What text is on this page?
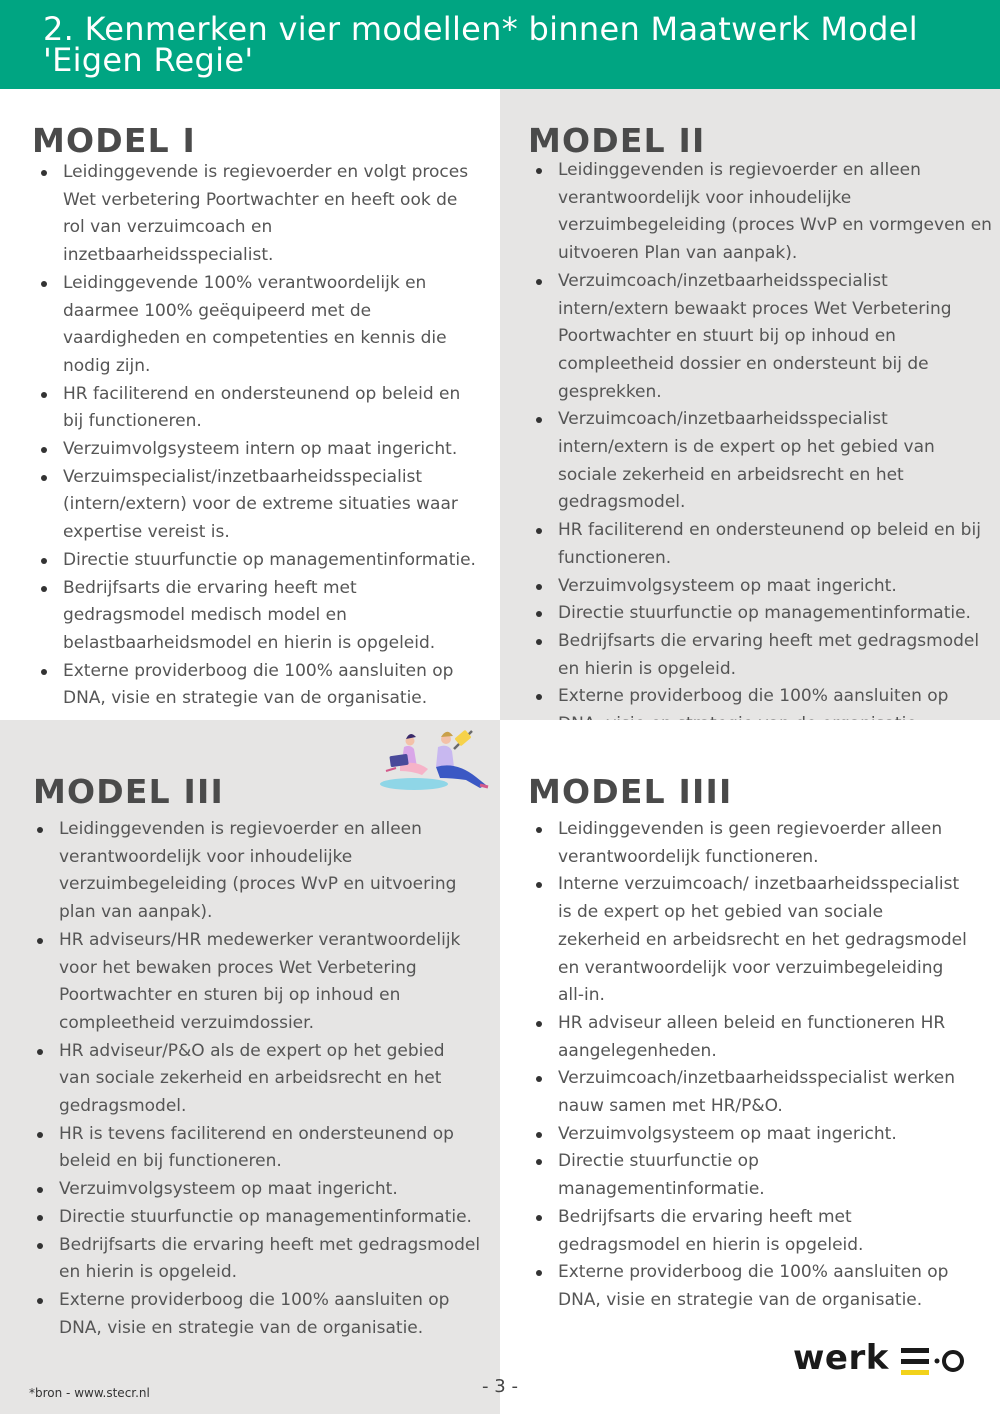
2. Kenmerken vier modellen* binnen Maatwerk Model 'Eigen Regie'
MODEL I
Leidinggevende is regievoerder en volgt proces Wet verbetering Poortwachter en heeft ook de rol van verzuimcoach en inzetbaarheidsspecialist.
Leidinggevende 100% verantwoordelijk en daarmee 100% geëquipeerd met de vaardigheden en competenties en kennis die nodig zijn.
HR faciliterend en ondersteunend op beleid en bij functioneren.
Verzuimvolgsysteem intern op maat ingericht.
Verzuimspecialist/inzetbaarheidsspecialist (intern/extern) voor de extreme situaties waar expertise vereist is.
Directie stuurfunctie op managementinformatie.
Bedrijfsarts die ervaring heeft met gedragsmodel medisch model en belastbaarheidsmodel en hierin is opgeleid.
Externe providerboog die 100% aansluiten op DNA, visie en strategie van de organisatie.
MODEL II
Leidinggevenden is regievoerder en alleen verantwoordelijk voor inhoudelijke verzuimbegeleiding (proces WvP en vormgeven en uitvoeren Plan van aanpak).
Verzuimcoach/inzetbaarheidsspecialist intern/extern bewaakt proces Wet Verbetering Poortwachter en stuurt bij op inhoud en compleetheid dossier en ondersteunt bij de gesprekken.
Verzuimcoach/inzetbaarheidsspecialist intern/extern is de expert op het gebied van sociale zekerheid en arbeidsrecht en het gedragsmodel.
HR faciliterend en ondersteunend op beleid en bij functioneren.
Verzuimvolgsysteem op maat ingericht.
Directie stuurfunctie op managementinformatie.
Bedrijfsarts die ervaring heeft met gedragsmodel en hierin is opgeleid.
Externe providerboog die 100% aansluiten op
MODEL III
Leidinggevenden is regievoerder en alleen verantwoordelijk voor inhoudelijke verzuimbegeleiding (proces WvP en uitvoering plan van aanpak).
HR adviseurs/HR medewerker verantwoordelijk voor het bewaken proces Wet Verbetering Poortwachter en sturen bij op inhoud en compleetheid verzuimdossier.
HR adviseur/P&O als de expert op het gebied van sociale zekerheid en arbeidsrecht en het gedragsmodel.
HR is tevens faciliterend en ondersteunend op beleid en bij functioneren.
Verzuimvolgsysteem op maat ingericht.
Directie stuurfunctie op managementinformatie.
Bedrijfsarts die ervaring heeft met gedragsmodel en hierin is opgeleid.
Externe providerboog die 100% aansluiten op DNA, visie en strategie van de organisatie.
MODEL IIII
Leidinggevenden is geen regievoerder alleen verantwoordelijk functioneren.
Interne verzuimcoach/ inzetbaarheidsspecialist is de expert op het gebied van sociale zekerheid en arbeidsrecht en het gedragsmodel en verantwoordelijk voor verzuimbegeleiding all-in.
HR adviseur alleen beleid en functioneren HR aangelegenheden.
Verzuimcoach/inzetbaarheidsspecialist werken nauw samen met HR/P&O.
Verzuimvolgsysteem op maat ingericht.
Directie stuurfunctie op managementinformatie.
Bedrijfsarts die ervaring heeft met gedragsmodel en hierin is opgeleid.
Externe providerboog die 100% aansluiten op DNA, visie en strategie van de organisatie.
*bron - www.stecr.nl	- 3 -
werk
